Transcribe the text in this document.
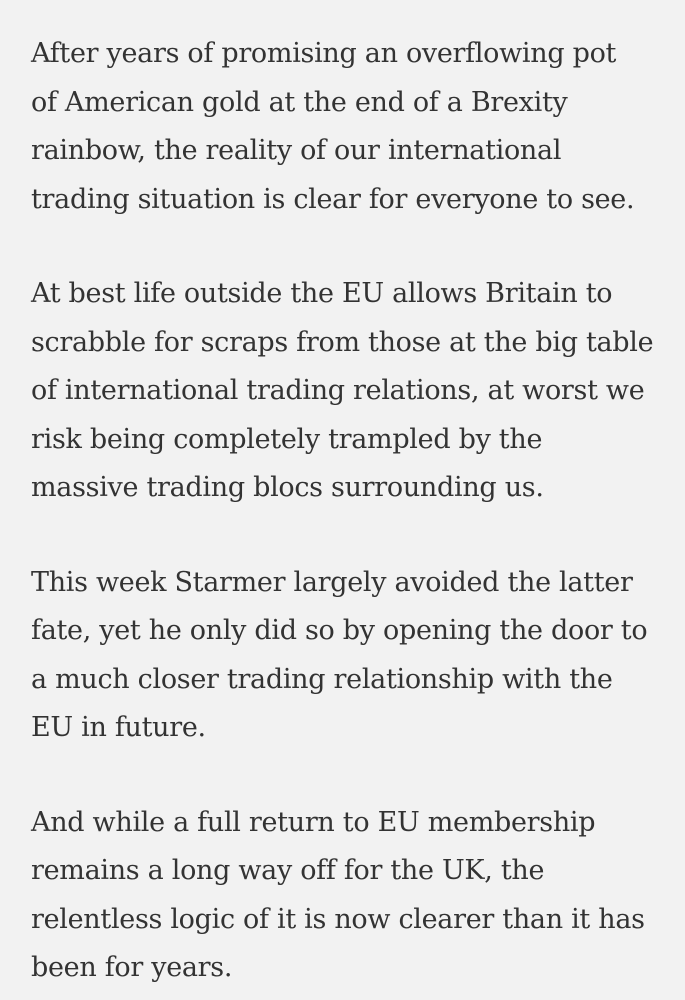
After years of promising an overflowing pot
of American gold at the end of a Brexity
rainbow, the reality of our international
trading situation is clear for everyone to see.

At best life outside the EU allows Britain to
scrabble for scraps from those at the big table
of international trading relations, at worst we
risk being completely trampled by the
massive trading blocs surrounding us.

This week Starmer largely avoided the latter
fate, yet he only did so by opening the door to
a much closer trading relationship with the
EU in future.

And while a full return to EU membership
remains a long way off for the UK, the
relentless logic of it is now clearer than it has
been for years.
